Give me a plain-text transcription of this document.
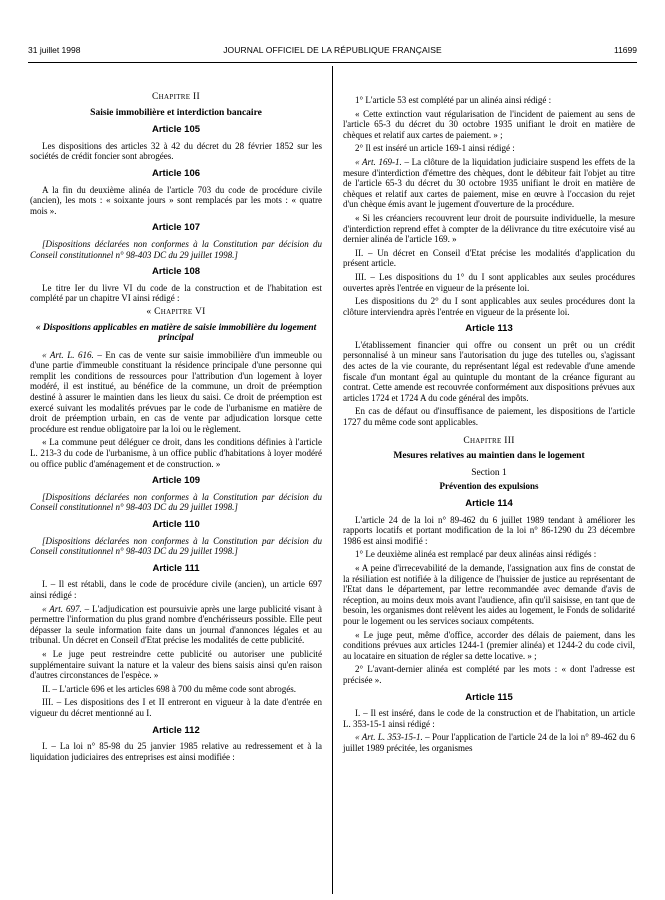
31 juillet 1998	JOURNAL OFFICIEL DE LA RÉPUBLIQUE FRANÇAISE	11699
Chapitre II
Saisie immobilière et interdiction bancaire
Article 105

Les dispositions des articles 32 à 42 du décret du 28 février 1852 sur les sociétés de crédit foncier sont abrogées.

Article 106

A la fin du deuxième alinéa de l'article 703 du code de procédure civile (ancien), les mots : « soixante jours » sont remplacés par les mots : « quatre mois ».

Article 107

[Dispositions déclarées non conformes à la Constitution par décision du Conseil constitutionnel n° 98-403 DC du 29 juillet 1998.]

Article 108

Le titre Ier du livre VI du code de la construction et de l'habitation est complété par un chapitre VI ainsi rédigé :

« Chapitre VI
« Dispositions applicables en matière de saisie immobilière du logement principal

« Art. L. 616. – En cas de vente sur saisie immobilière d'un immeuble ou d'une partie d'immeuble constituant la résidence principale d'une personne qui remplit les conditions de ressources pour l'attribution d'un logement à loyer modéré, il est institué, au bénéfice de la commune, un droit de préemption destiné à assurer le maintien dans les lieux du saisi. Ce droit de préemption est exercé suivant les modalités prévues par le code de l'urbanisme en matière de droit de préemption urbain, en cas de vente par adjudication lorsque cette procédure est rendue obligatoire par la loi ou le règlement.

« La commune peut déléguer ce droit, dans les conditions définies à l'article L. 213-3 du code de l'urbanisme, à un office public d'habitations à loyer modéré ou office public d'aménagement et de construction. »

Article 109

[Dispositions déclarées non conformes à la Constitution par décision du Conseil constitutionnel n° 98-403 DC du 29 juillet 1998.]

Article 110

[Dispositions déclarées non conformes à la Constitution par décision du Conseil constitutionnel n° 98-403 DC du 29 juillet 1998.]

Article 111

I. – Il est rétabli, dans le code de procédure civile (ancien), un article 697 ainsi rédigé :

« Art. 697. – L'adjudication est poursuivie après une large publicité visant à permettre l'information du plus grand nombre d'enchérisseurs possible. Elle peut dépasser la seule information faite dans un journal d'annonces légales et au tribunal. Un décret en Conseil d'Etat précise les modalités de cette publicité.

« Le juge peut restreindre cette publicité ou autoriser une publicité supplémentaire suivant la nature et la valeur des biens saisis ainsi qu'en raison d'autres circonstances de l'espèce. »

II. – L'article 696 et les articles 698 à 700 du même code sont abrogés.

III. – Les dispositions des I et II entreront en vigueur à la date d'entrée en vigueur du décret mentionné au I.

Article 112

I. – La loi n° 85-98 du 25 janvier 1985 relative au redressement et à la liquidation judiciaires des entreprises est ainsi modifiée :

1° L'article 53 est complété par un alinéa ainsi rédigé :

« Cette extinction vaut régularisation de l'incident de paiement au sens de l'article 65-3 du décret du 30 octobre 1935 unifiant le droit en matière de chèques et relatif aux cartes de paiement. » ;

2° Il est inséré un article 169-1 ainsi rédigé :

« Art. 169-1. – La clôture de la liquidation judiciaire suspend les effets de la mesure d'interdiction d'émettre des chèques, dont le débiteur fait l'objet au titre de l'article 65-3 du décret du 30 octobre 1935 unifiant le droit en matière de chèques et relatif aux cartes de paiement, mise en œuvre à l'occasion du rejet d'un chèque émis avant le jugement d'ouverture de la procédure.

« Si les créanciers recouvrent leur droit de poursuite individuelle, la mesure d'interdiction reprend effet à compter de la délivrance du titre exécutoire visé au dernier alinéa de l'article 169. »

II. – Un décret en Conseil d'Etat précise les modalités d'application du présent article.

III. – Les dispositions du 1° du I sont applicables aux seules procédures ouvertes après l'entrée en vigueur de la présente loi.

Les dispositions du 2° du I sont applicables aux seules procédures dont la clôture interviendra après l'entrée en vigueur de la présente loi.

Article 113

L'établissement financier qui offre ou consent un prêt ou un crédit personnalisé à un mineur sans l'autorisation du juge des tutelles ou, s'agissant des actes de la vie courante, du représentant légal est redevable d'une amende fiscale d'un montant égal au quintuple du montant de la créance figurant au contrat. Cette amende est recouvrée conformément aux dispositions prévues aux articles 1724 et 1724 A du code général des impôts.

En cas de défaut ou d'insuffisance de paiement, les dispositions de l'article 1727 du même code sont applicables.

Chapitre III
Mesures relatives au maintien dans le logement
Section 1
Prévention des expulsions
Article 114

L'article 24 de la loi n° 89-462 du 6 juillet 1989 tendant à améliorer les rapports locatifs et portant modification de la loi n° 86-1290 du 23 décembre 1986 est ainsi modifié :

1° Le deuxième alinéa est remplacé par deux alinéas ainsi rédigés :

« A peine d'irrecevabilité de la demande, l'assignation aux fins de constat de la résiliation est notifiée à la diligence de l'huissier de justice au représentant de l'Etat dans le département, par lettre recommandée avec demande d'avis de réception, au moins deux mois avant l'audience, afin qu'il saisisse, en tant que de besoin, les organismes dont relèvent les aides au logement, le Fonds de solidarité pour le logement ou les services sociaux compétents.

« Le juge peut, même d'office, accorder des délais de paiement, dans les conditions prévues aux articles 1244-1 (premier alinéa) et 1244-2 du code civil, au locataire en situation de régler sa dette locative. » ;

2° L'avant-dernier alinéa est complété par les mots : « dont l'adresse est précisée ».

Article 115

I. – Il est inséré, dans le code de la construction et de l'habitation, un article L. 353-15-1 ainsi rédigé :

« Art. L. 353-15-1. – Pour l'application de l'article 24 de la loi n° 89-462 du 6 juillet 1989 précitée, les organismes
